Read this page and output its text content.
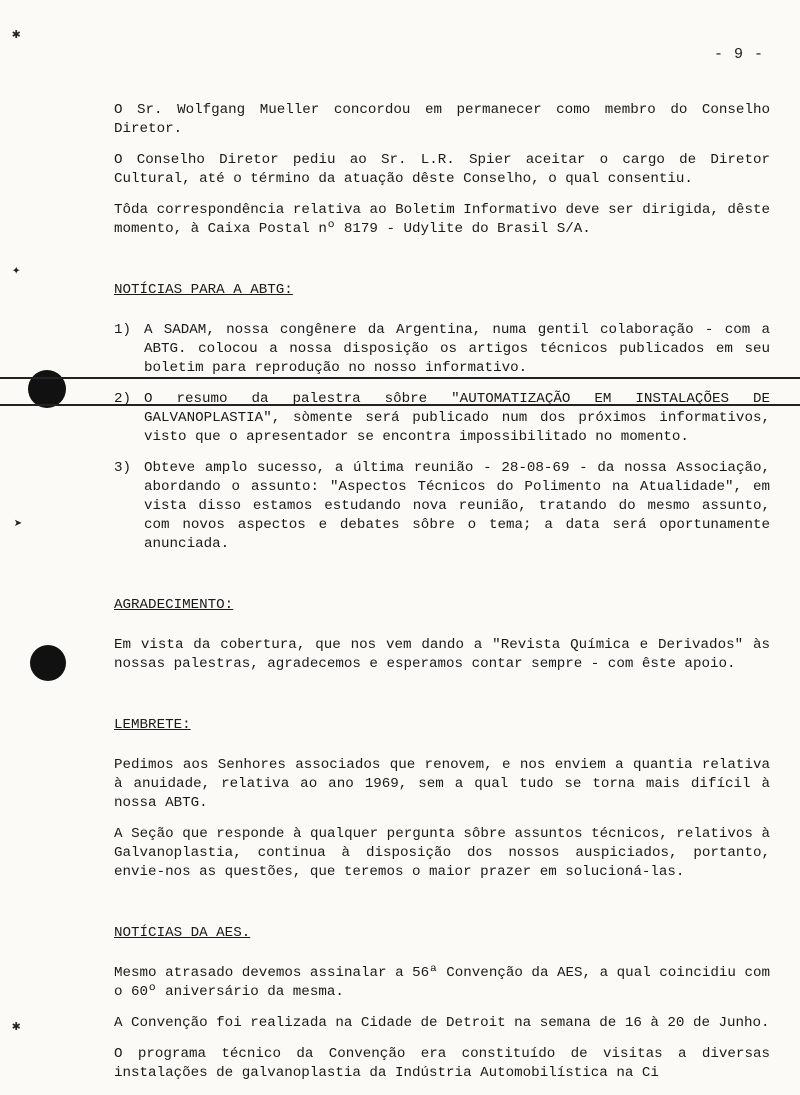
✱
✦
➤
✱
- 9 -

O Sr. Wolfgang Mueller concordou em permanecer como membro do Conselho Diretor.

O Conselho Diretor pediu ao Sr. L.R. Spier aceitar o cargo de Diretor Cultural, até o término da atuação dêste Conselho, o qual consentiu.

Tôda correspondência relativa ao Boletim Informativo deve ser dirigida, dêste momento, à Caixa Postal nº 8179 - Udylite do Brasil S/A.

NOTÍCIAS PARA A ABTG:
1) A SADAM, nossa congênere da Argentina, numa gentil colaboração - com a ABTG. colocou a nossa disposição os artigos técnicos publicados em seu boletim para reprodução no nosso informativo.
2) O resumo da palestra sôbre "AUTOMATIZAÇÃO EM INSTALAÇÕES DE GALVANOPLASTIA", sòmente será publicado num dos próximos informativos, visto que o apresentador se encontra impossibilitado no momento.
3) Obteve amplo sucesso, a última reunião - 28-08-69 - da nossa Associação, abordando o assunto: "Aspectos Técnicos do Polimento na Atualidade", em vista disso estamos estudando nova reunião, tratando do mesmo assunto, com novos aspectos e debates sôbre o tema; a data será oportunamente anunciada.
AGRADECIMENTO:

Em vista da cobertura, que nos vem dando a "Revista Química e Derivados" às nossas palestras, agradecemos e esperamos contar sempre - com êste apoio.

LEMBRETE:

Pedimos aos Senhores associados que renovem, e nos enviem a quantia relativa à anuidade, relativa ao ano 1969, sem a qual tudo se torna mais difícil à nossa ABTG.

A Seção que responde à qualquer pergunta sôbre assuntos técnicos, relativos à Galvanoplastia, continua à disposição dos nossos auspiciados, portanto, envie-nos as questões, que teremos o maior prazer em solucioná-las.

NOTÍCIAS DA AES.

Mesmo atrasado devemos assinalar a 56ª Convenção da AES, a qual coincidiu com o 60º aniversário da mesma.

A Convenção foi realizada na Cidade de Detroit na semana de 16 à 20 de Junho.

O programa técnico da Convenção era constituído de visitas a diversas instalações de galvanoplastia da Indústria Automobilística na Ci
